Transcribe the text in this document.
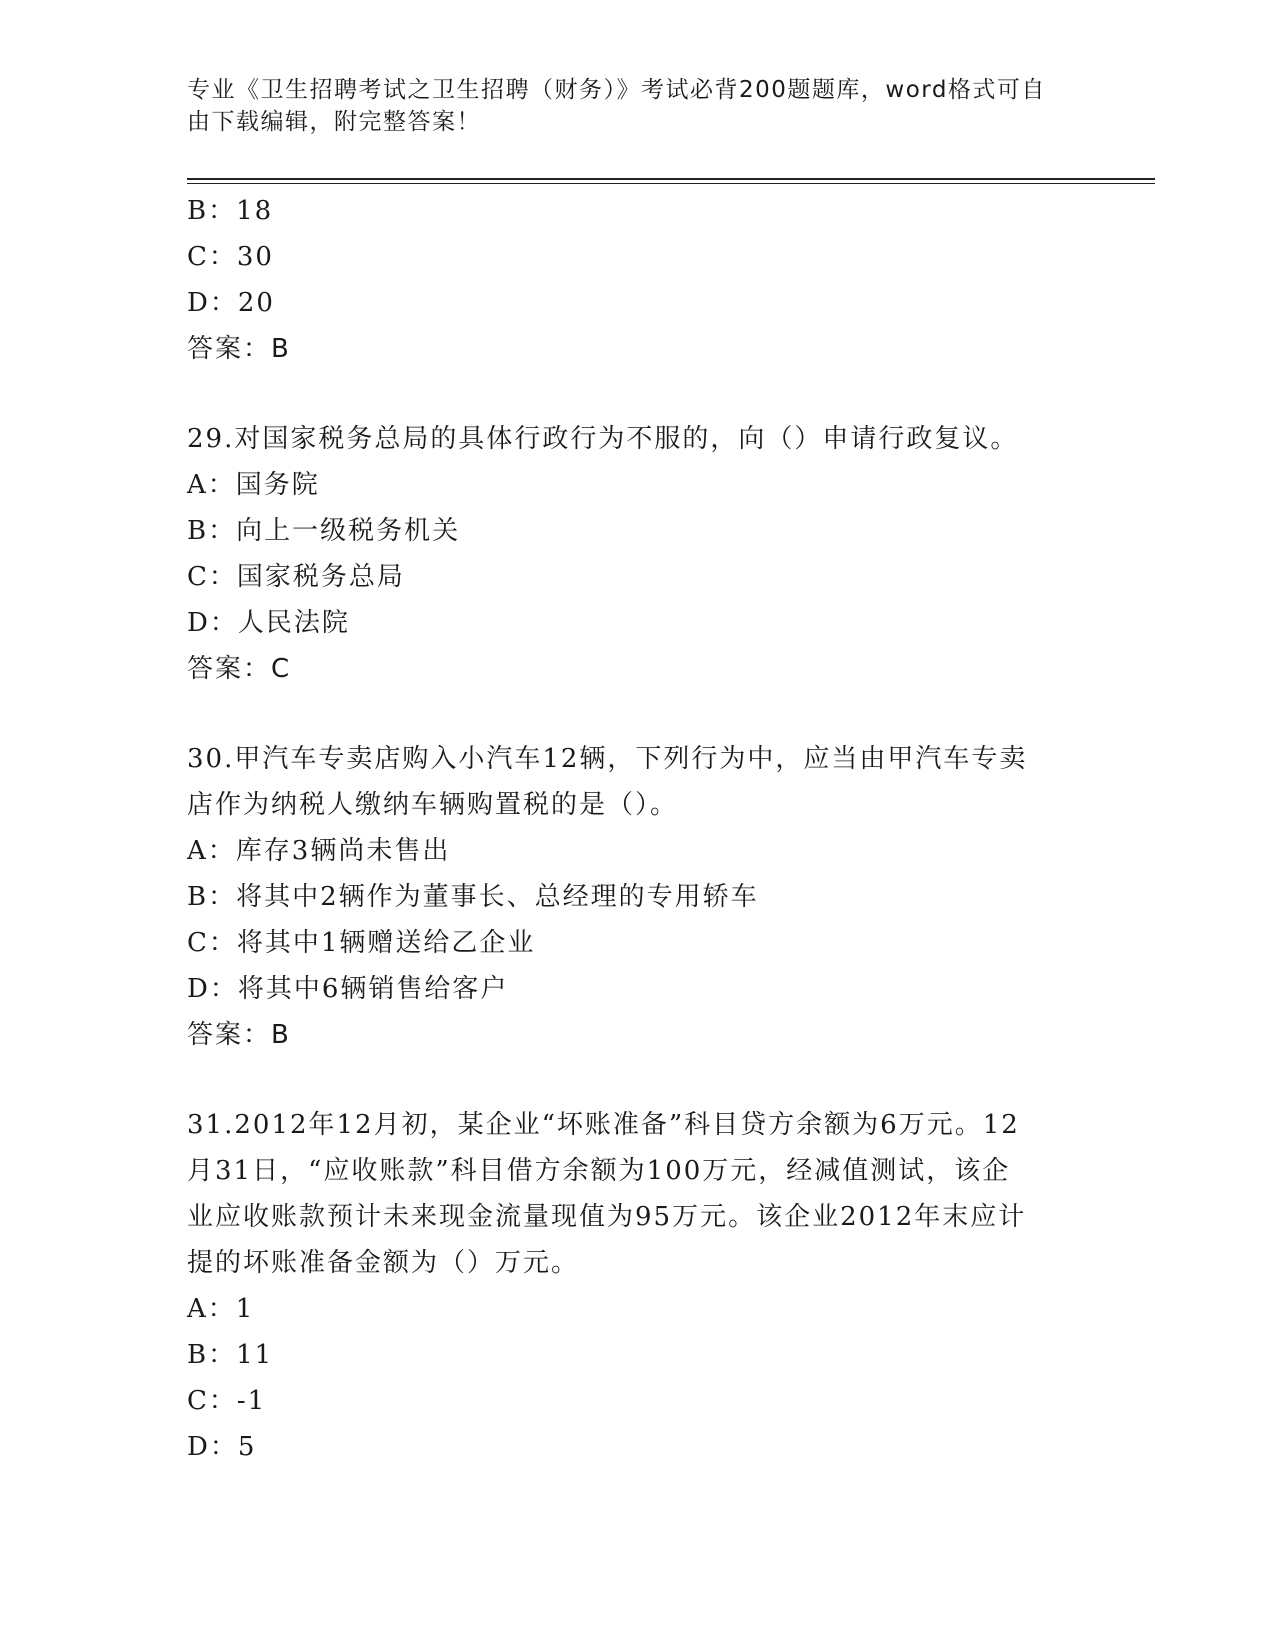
专业《卫生招聘考试之卫生招聘（财务）》考试必背200题题库，word格式可自
由下载编辑，附完整答案！
B：18
C：30
D：20
答案：B
29.对国家税务总局的具体行政行为不服的，向（）申请行政复议。
A：国务院
B：向上一级税务机关
C：国家税务总局
D：人民法院
答案：C
30.甲汽车专卖店购入小汽车12辆，下列行为中，应当由甲汽车专卖
店作为纳税人缴纳车辆购置税的是（）。
A：库存3辆尚未售出
B：将其中2辆作为董事长、总经理的专用轿车
C：将其中1辆赠送给乙企业
D：将其中6辆销售给客户
答案：B
31.2012年12月初，某企业“坏账准备”科目贷方余额为6万元。12
月31日，“应收账款”科目借方余额为100万元，经减值测试，该企
业应收账款预计未来现金流量现值为95万元。该企业2012年末应计
提的坏账准备金额为（）万元。
A：1
B：11
C：-1
D：5
